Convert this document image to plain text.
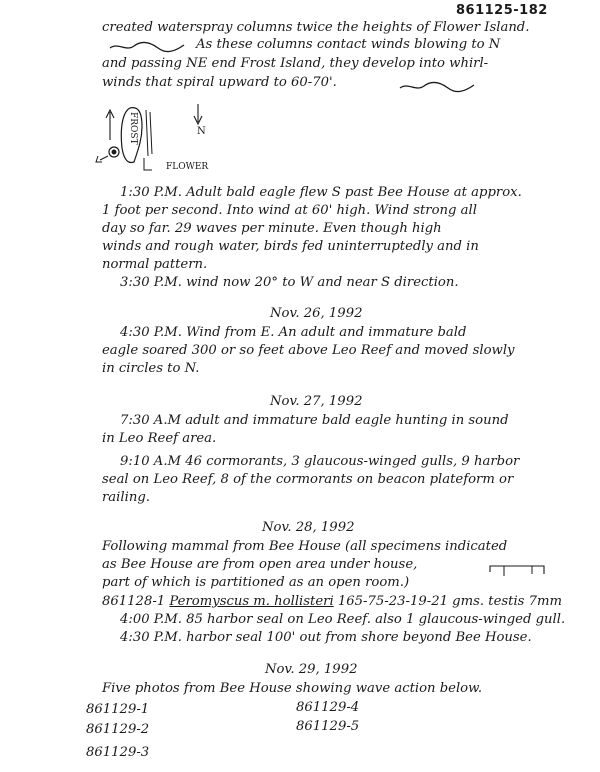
861125-182
created waterspray columns twice the heights of Flower Island.
As these columns contact winds blowing to N
and passing NE end Frost Island, they develop into whirl-
winds that spiral upward to 60-70'.
FROST	N
FLOWER
1:30 P.M. Adult bald eagle flew S past Bee House at approx.
1 foot per second. Into wind at 60' high. Wind strong all
day so far. 29 waves per minute. Even though high
winds and rough water, birds fed uninterruptedly and in
normal pattern.
3:30 P.M. wind now 20° to W and near S direction.
Nov. 26, 1992
4:30 P.M. Wind from E. An adult and immature bald
eagle soared 300 or so feet above Leo Reef and moved slowly
in circles to N.
Nov. 27, 1992
7:30 A.M adult and immature bald eagle hunting in sound
in Leo Reef area.
9:10 A.M 46 cormorants, 3 glaucous-winged gulls, 9 harbor
seal on Leo Reef, 8 of the cormorants on beacon plateform or
railing.
Nov. 28, 1992
Following mammal from Bee House (all specimens indicated
as Bee House are from open area under house,
part of which is partitioned as an open room.)
861128-1 Peromyscus m. hollisteri 165-75-23-19-21 gms. testis 7mm
4:00 P.M. 85 harbor seal on Leo Reef. also 1 glaucous-winged gull.
4:30 P.M. harbor seal 100' out from shore beyond Bee House.
Nov. 29, 1992
Five photos from Bee House showing wave action below.
861129-1
861129-2
861129-3
861129-4
861129-5
